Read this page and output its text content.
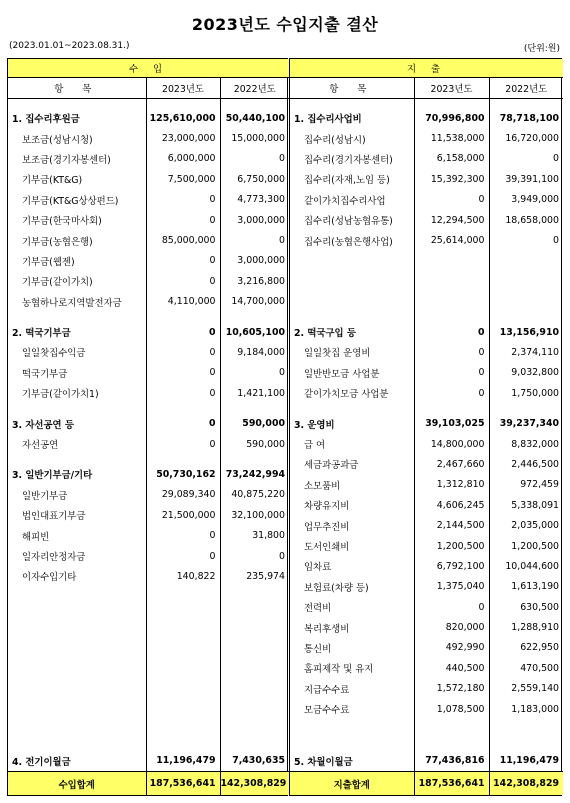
2023년도 수입지출 결산
(2023.01.01~2023.08.31.)	(단위:원)
수 입
항 목	2023년도	2022년도

1. 집수리후원금	125,610,000	50,440,100
보조금(성남시청)	23,000,000	15,000,000
보조금(경기자봉센터)	6,000,000	0
기부금(KT&G)	7,500,000	6,750,000
기부금(KT&G상상펀드)	0	4,773,300
기부금(한국마사회)	0	3,000,000
기부금(농협은행)	85,000,000	0
기부금(웹젠)	0	3,000,000
기부금(같이가치)	0	3,216,800
농협하나로지역발전자금	4,110,000	14,700,000

2. 떡국기부금	0	10,605,100
일일찻집수익금	0	9,184,000
떡국기부금	0	0
기부금(같이가치1)	0	1,421,100

3. 자선공연 등	0	590,000
자선공연	0	590,000

3. 일반기부금/기타	50,730,162	73,242,994
일반기부금	29,089,340	40,875,220
법인대표기부금	21,500,000	32,100,000
해피빈	0	31,800
일자리안정자금	0	0
이자수입기타	140,822	235,974

4. 전기이월금	11,196,479	7,430,635
수입합계	187,536,641	142,308,829
지 출
항 목	2023년도	2022년도

1. 집수리사업비	70,996,800	78,718,100
집수리(성남시)	11,538,000	16,720,000
집수리(경기자봉센터)	6,158,000	0
집수리(자재,노임 등)	15,392,300	39,391,100
같이가치집수리사업	0	3,949,000
집수리(성남농협유통)	12,294,500	18,658,000
집수리(농협은행사업)	25,614,000	0

2. 떡국구입 등	0	13,156,910
일일찻집 운영비	0	2,374,110
일반반모금 사업분	0	9,032,800
같이가치모금 사업분	0	1,750,000

3. 운영비	39,103,025	39,237,340
급 여	14,800,000	8,832,000
세금과공과금	2,467,660	2,446,500
소모품비	1,312,810	972,459
차량유지비	4,606,245	5,338,091
업무추진비	2,144,500	2,035,000
도서인쇄비	1,200,500	1,200,500
임차료	6,792,100	10,044,600
보험료(차량 등)	1,375,040	1,613,190
전력비	0	630,500
복리후생비	820,000	1,288,910
통신비	492,990	622,950
홈피제작 및 유지	440,500	470,500
지급수수료	1,572,180	2,559,140
모금수수료	1,078,500	1,183,000

5. 차월이월금	77,436,816	11,196,479
지출합계	187,536,641	142,308,829
